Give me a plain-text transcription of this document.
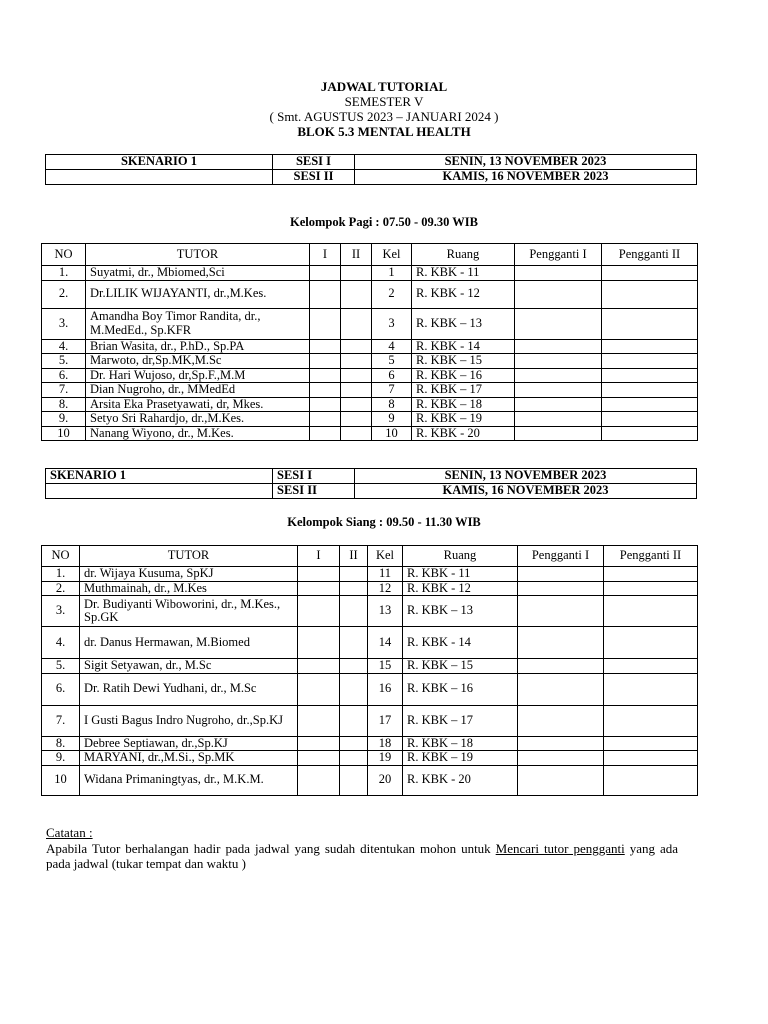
JADWAL TUTORIAL
SEMESTER V
( Smt. AGUSTUS 2023 – JANUARI 2024 )
BLOK 5.3 MENTAL HEALTH
SKENARIO 1	SESI I	SENIN, 13 NOVEMBER 2023
	SESI II	KAMIS, 16 NOVEMBER 2023
Kelompok Pagi : 07.50 - 09.30 WIB
NO	TUTOR	I	II	Kel	Ruang	Pengganti I	Pengganti II
1.	Suyatmi, dr., Mbiomed,Sci			1	R. KBK - 11		
2.	Dr.LILIK WIJAYANTI, dr.,M.Kes.			2	R. KBK - 12		
3.	Amandha Boy Timor Randita, dr., M.MedEd., Sp.KFR			3	R. KBK – 13		
4.	Brian Wasita, dr., P.hD., Sp.PA			4	R. KBK - 14		
5.	Marwoto, dr,Sp.MK,M.Sc			5	R. KBK – 15		
6.	Dr. Hari Wujoso, dr,Sp.F.,M.M			6	R. KBK – 16		
7.	Dian Nugroho, dr., MMedEd			7	R. KBK – 17		
8.	Arsita Eka Prasetyawati, dr, Mkes.			8	R. KBK – 18		
9.	Setyo Sri Rahardjo, dr.,M.Kes.			9	R. KBK – 19		
10	Nanang Wiyono, dr., M.Kes.			10	R. KBK - 20		
SKENARIO 1	SESI I	SENIN, 13 NOVEMBER 2023
	SESI II	KAMIS, 16 NOVEMBER 2023
Kelompok Siang : 09.50 - 11.30 WIB
NO	TUTOR	I	II	Kel	Ruang	Pengganti I	Pengganti II
1.	dr. Wijaya Kusuma, SpKJ			11	R. KBK - 11		
2.	Muthmainah, dr., M.Kes			12	R. KBK - 12		
3.	Dr. Budiyanti Wiboworini, dr., M.Kes., Sp.GK			13	R. KBK – 13		
4.	dr. Danus Hermawan, M.Biomed			14	R. KBK - 14		
5.	Sigit Setyawan, dr., M.Sc			15	R. KBK – 15		
6.	Dr. Ratih Dewi Yudhani, dr., M.Sc			16	R. KBK – 16		
7.	I Gusti Bagus Indro Nugroho, dr.,Sp.KJ			17	R. KBK – 17		
8.	Debree Septiawan, dr.,Sp.KJ			18	R. KBK – 18		
9.	MARYANI, dr.,M.Si., Sp.MK			19	R. KBK – 19		
10	Widana Primaningtyas, dr., M.K.M.			20	R. KBK - 20		
Catatan :
Apabila Tutor berhalangan hadir pada jadwal yang sudah ditentukan mohon untuk Mencari tutor pengganti yang ada pada jadwal (tukar tempat dan waktu )
